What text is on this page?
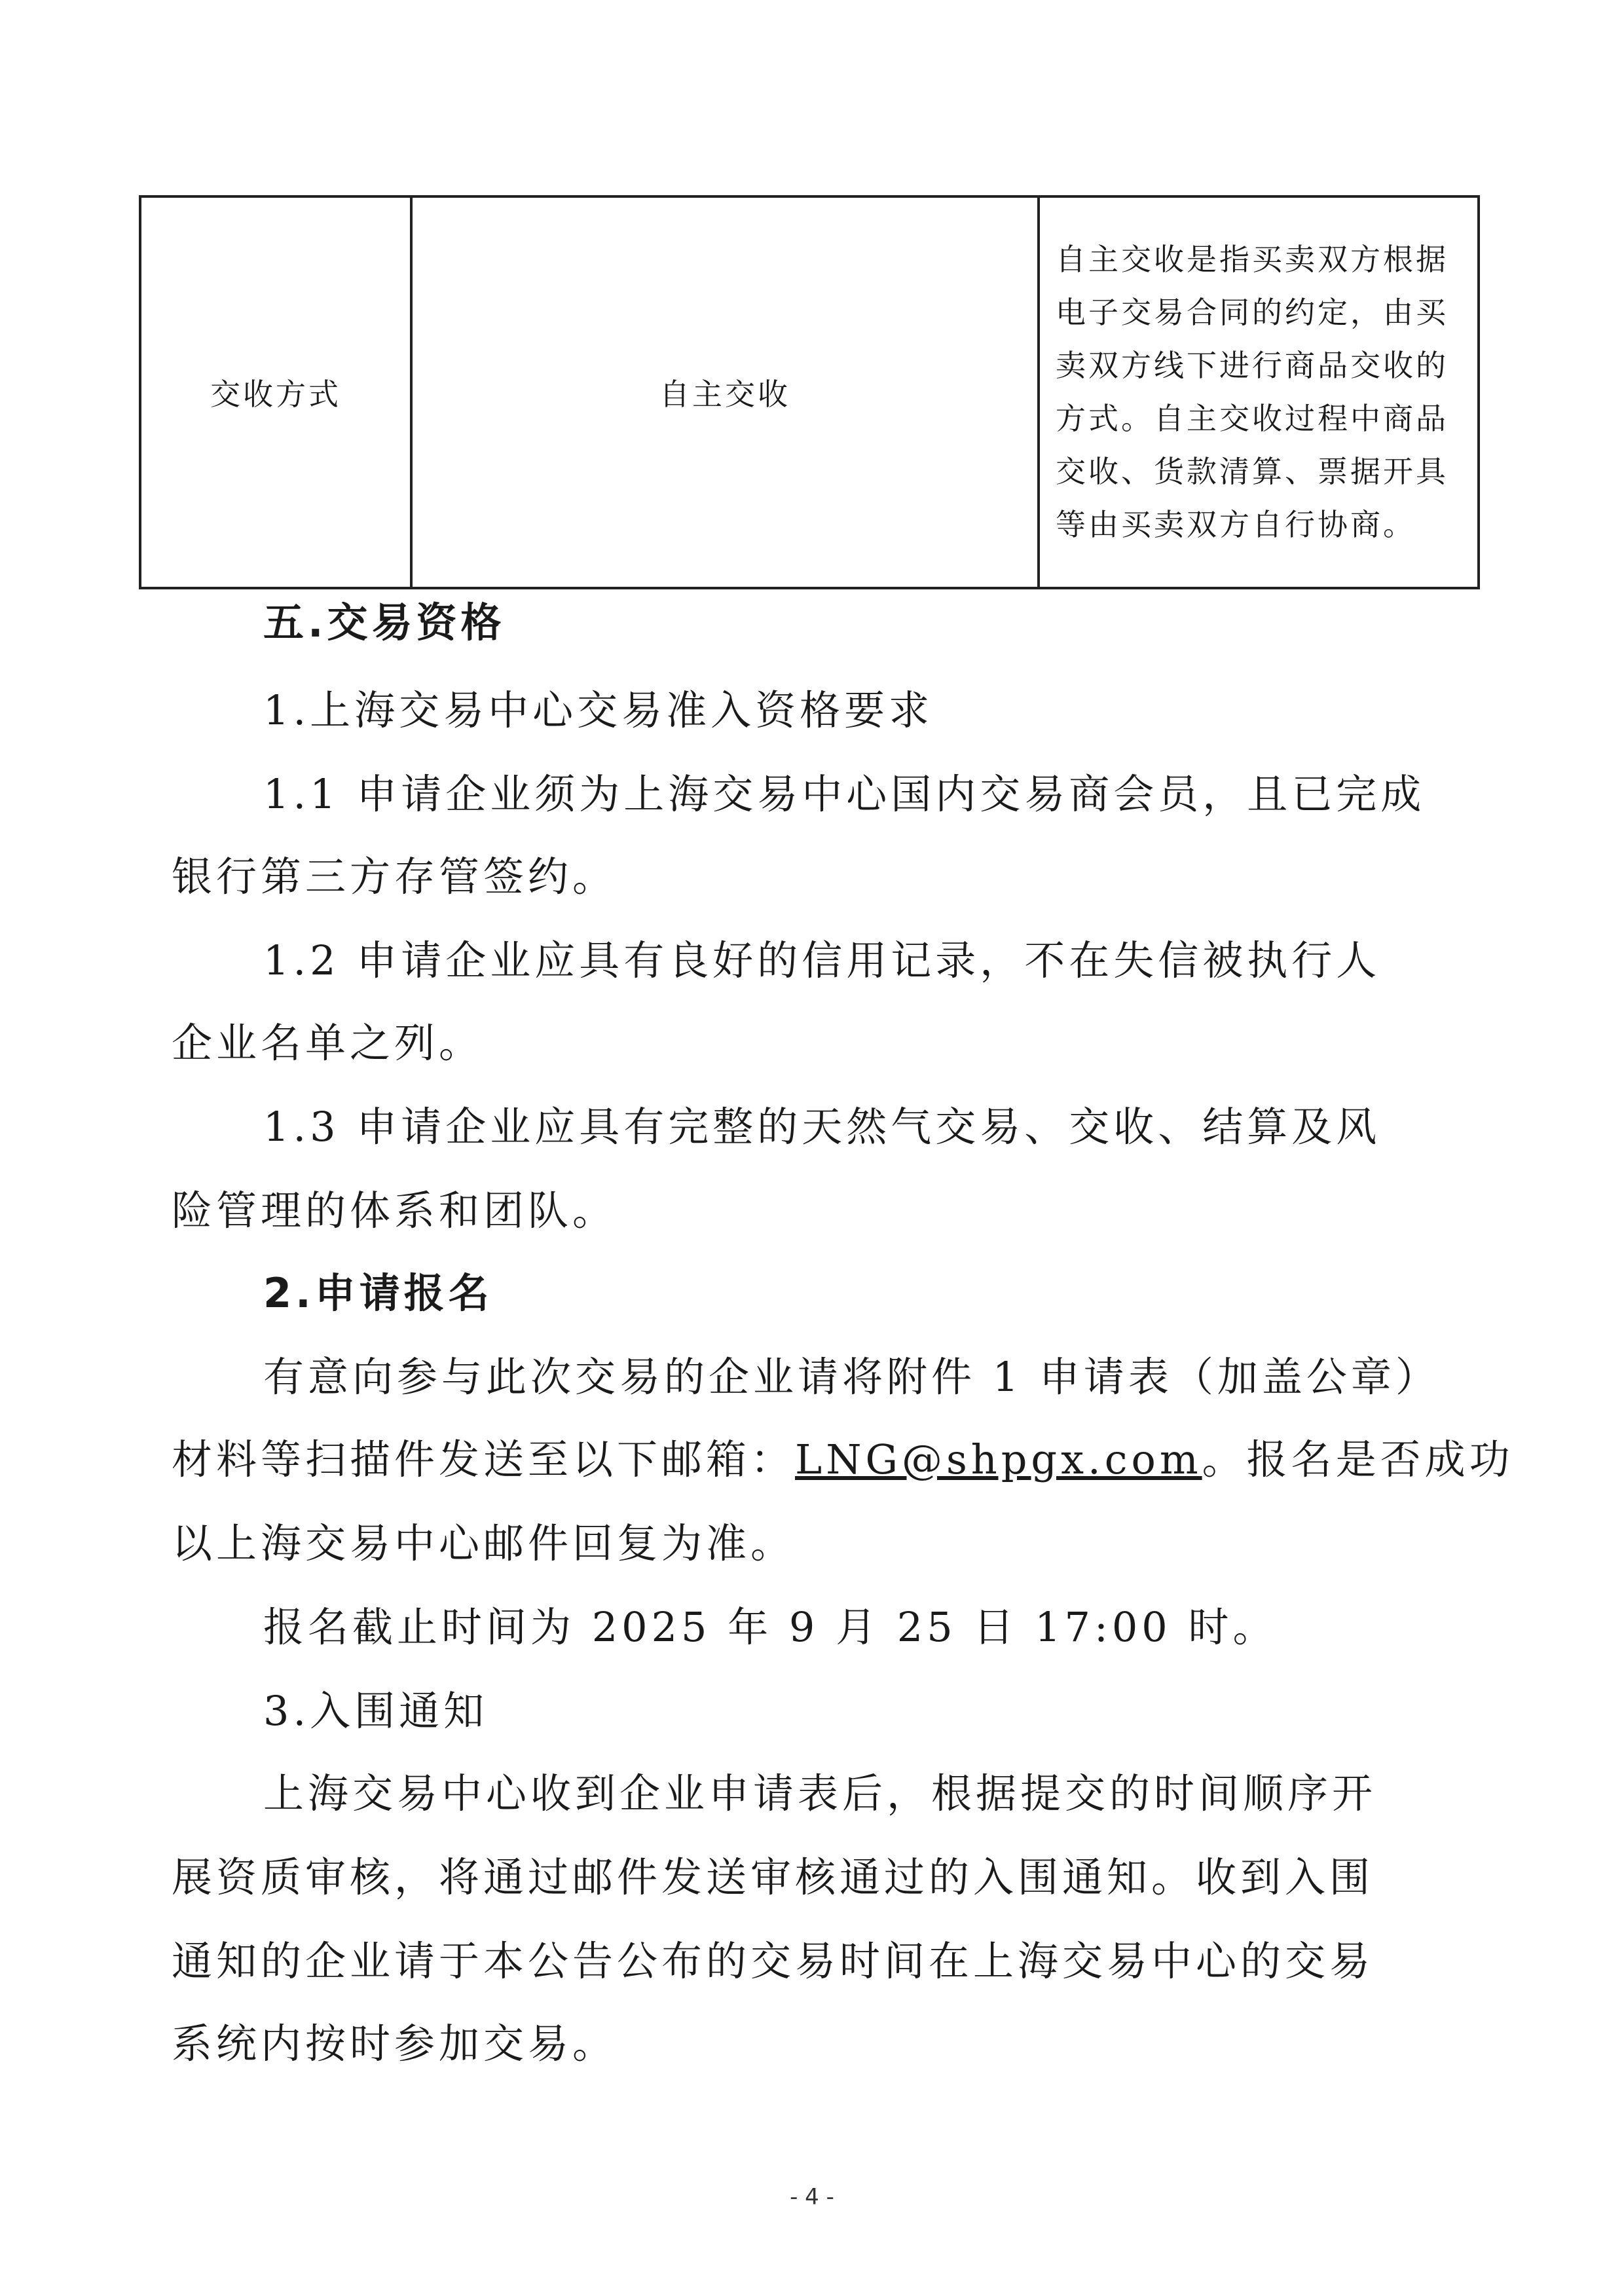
交收方式	自主交收
自主交收是指买卖双方根据
电子交易合同的约定，由买
卖双方线下进行商品交收的
方式。自主交收过程中商品
交收、货款清算、票据开具
等由买卖双方自行协商。
五.交易资格
1.上海交易中心交易准入资格要求
1.1 申请企业须为上海交易中心国内交易商会员，且已完成
银行第三方存管签约。
1.2 申请企业应具有良好的信用记录，不在失信被执行人
企业名单之列。
1.3 申请企业应具有完整的天然气交易、交收、结算及风
险管理的体系和团队。
2.申请报名
有意向参与此次交易的企业请将附件 1 申请表（加盖公章）
材料等扫描件发送至以下邮箱：LNG@shpgx.com。报名是否成功
以上海交易中心邮件回复为准。
报名截止时间为 2025 年 9 月 25 日 17:00 时。
3.入围通知
上海交易中心收到企业申请表后，根据提交的时间顺序开
展资质审核，将通过邮件发送审核通过的入围通知。收到入围
通知的企业请于本公告公布的交易时间在上海交易中心的交易
系统内按时参加交易。
- 4 -
